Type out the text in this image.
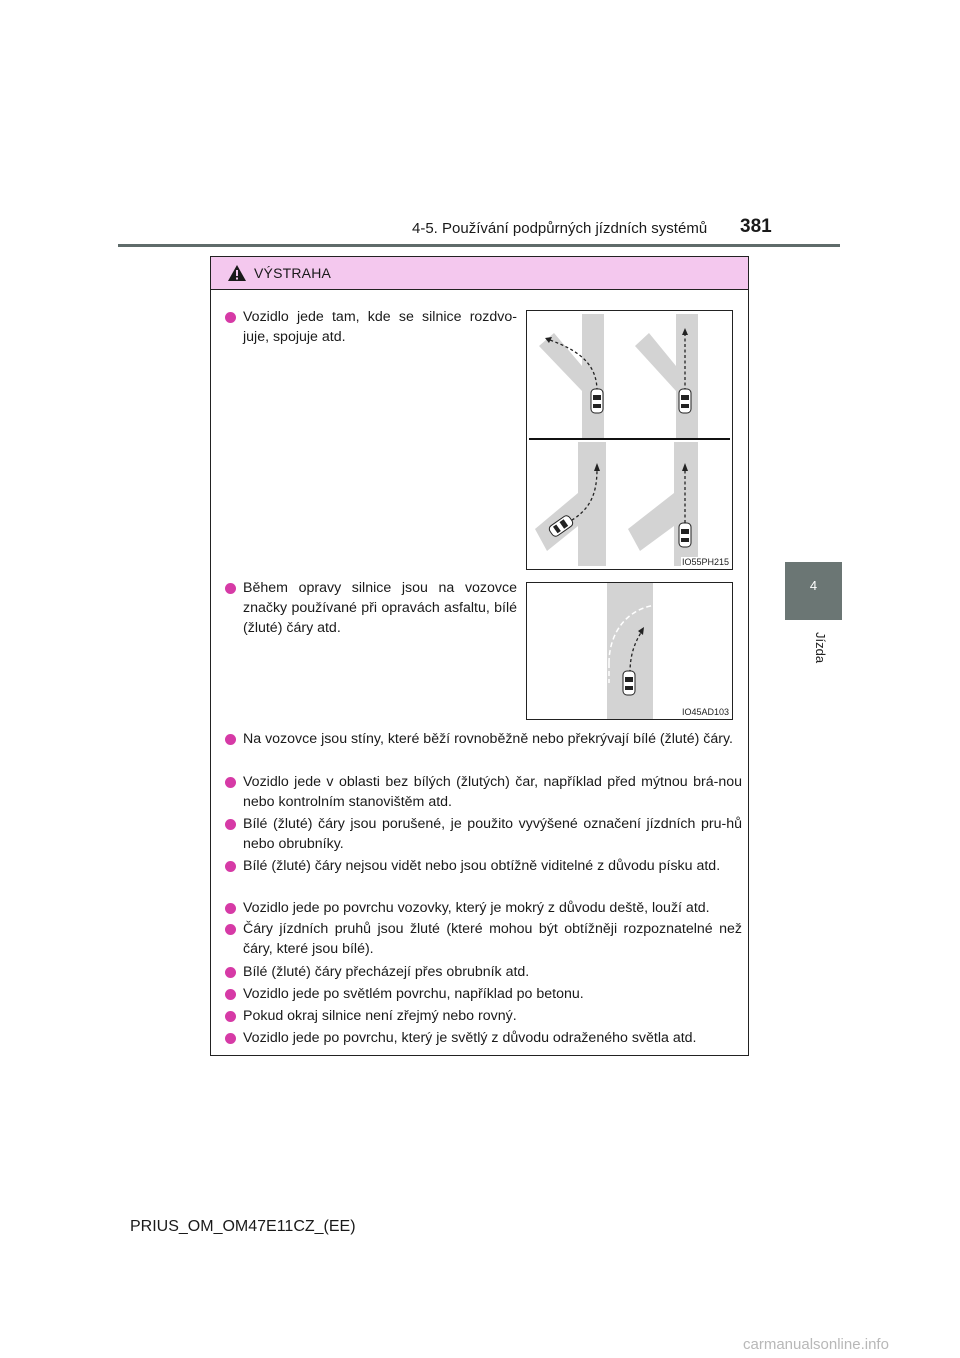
4-5. Používání podpůrných jízdních systémů 381
4
Jízda
VÝSTRAHA
Vozidlo jede tam, kde se silnice rozdvo-juje, spojuje atd.
IO55PH215
Během opravy silnice jsou na vozovce značky používané při opravách asfaltu, bílé (žluté) čáry atd.
IO45AD103
Na vozovce jsou stíny, které běží rovnoběžně nebo překrývají bílé (žluté) čáry.
Vozidlo jede v oblasti bez bílých (žlutých) čar, například před mýtnou brá-nou nebo kontrolním stanovištěm atd.
Bílé (žluté) čáry jsou porušené, je použito vyvýšené označení jízdních pru-hů nebo obrubníky.
Bílé (žluté) čáry nejsou vidět nebo jsou obtížně viditelné z důvodu písku atd.
Vozidlo jede po povrchu vozovky, který je mokrý z důvodu deště, louží atd.
Čáry jízdních pruhů jsou žluté (které mohou být obtížněji rozpoznatelné než čáry, které jsou bílé).
Bílé (žluté) čáry přecházejí přes obrubník atd.
Vozidlo jede po světlém povrchu, například po betonu.
Pokud okraj silnice není zřejmý nebo rovný.
Vozidlo jede po povrchu, který je světlý z důvodu odraženého světla atd.
PRIUS_OM_OM47E11CZ_(EE)
carmanualsonline.info
